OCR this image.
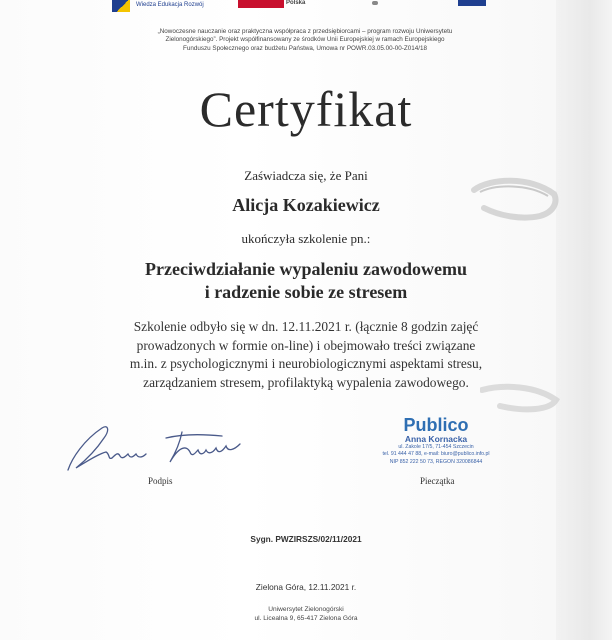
Wiedza Edukacja Rozwój	Polska
„Nowoczesne nauczanie oraz praktyczna współpraca z przedsiębiorcami – program rozwoju Uniwersytetu
Zielonogórskiego”. Projekt współfinansowany ze środków Unii Europejskiej w ramach Europejskiego
Funduszu Społecznego oraz budżetu Państwa, Umowa nr POWR.03.05.00-00-Z014/18
Certyfikat
Zaświadcza się, że Pani
Alicja Kozakiewicz
ukończyła szkolenie pn.:
Przeciwdziałanie wypaleniu zawodowemu
i radzenie sobie ze stresem
Szkolenie odbyło się w dn. 12.11.2021 r. (łącznie 8 godzin zajęć
prowadzonych w formie on-line) i obejmowało treści związane
m.in. z psychologicznymi i neurobiologicznymi aspektami stresu,
zarządzaniem stresem, profilaktyką wypalenia zawodowego.
Publico
Anna Kornacka
ul. Zakole 17/5, 71-454 Szczecin
tel. 91 444 47 88, e-mail: biuro@publico.info.pl
NIP 852 222 50 73, REGON 320086844
Podpis	Pieczątka
Sygn. PWZIRSZS/02/11/2021
Zielona Góra, 12.11.2021 r.
Uniwersytet Zielonogórski
ul. Licealna 9, 65-417 Zielona Góra
